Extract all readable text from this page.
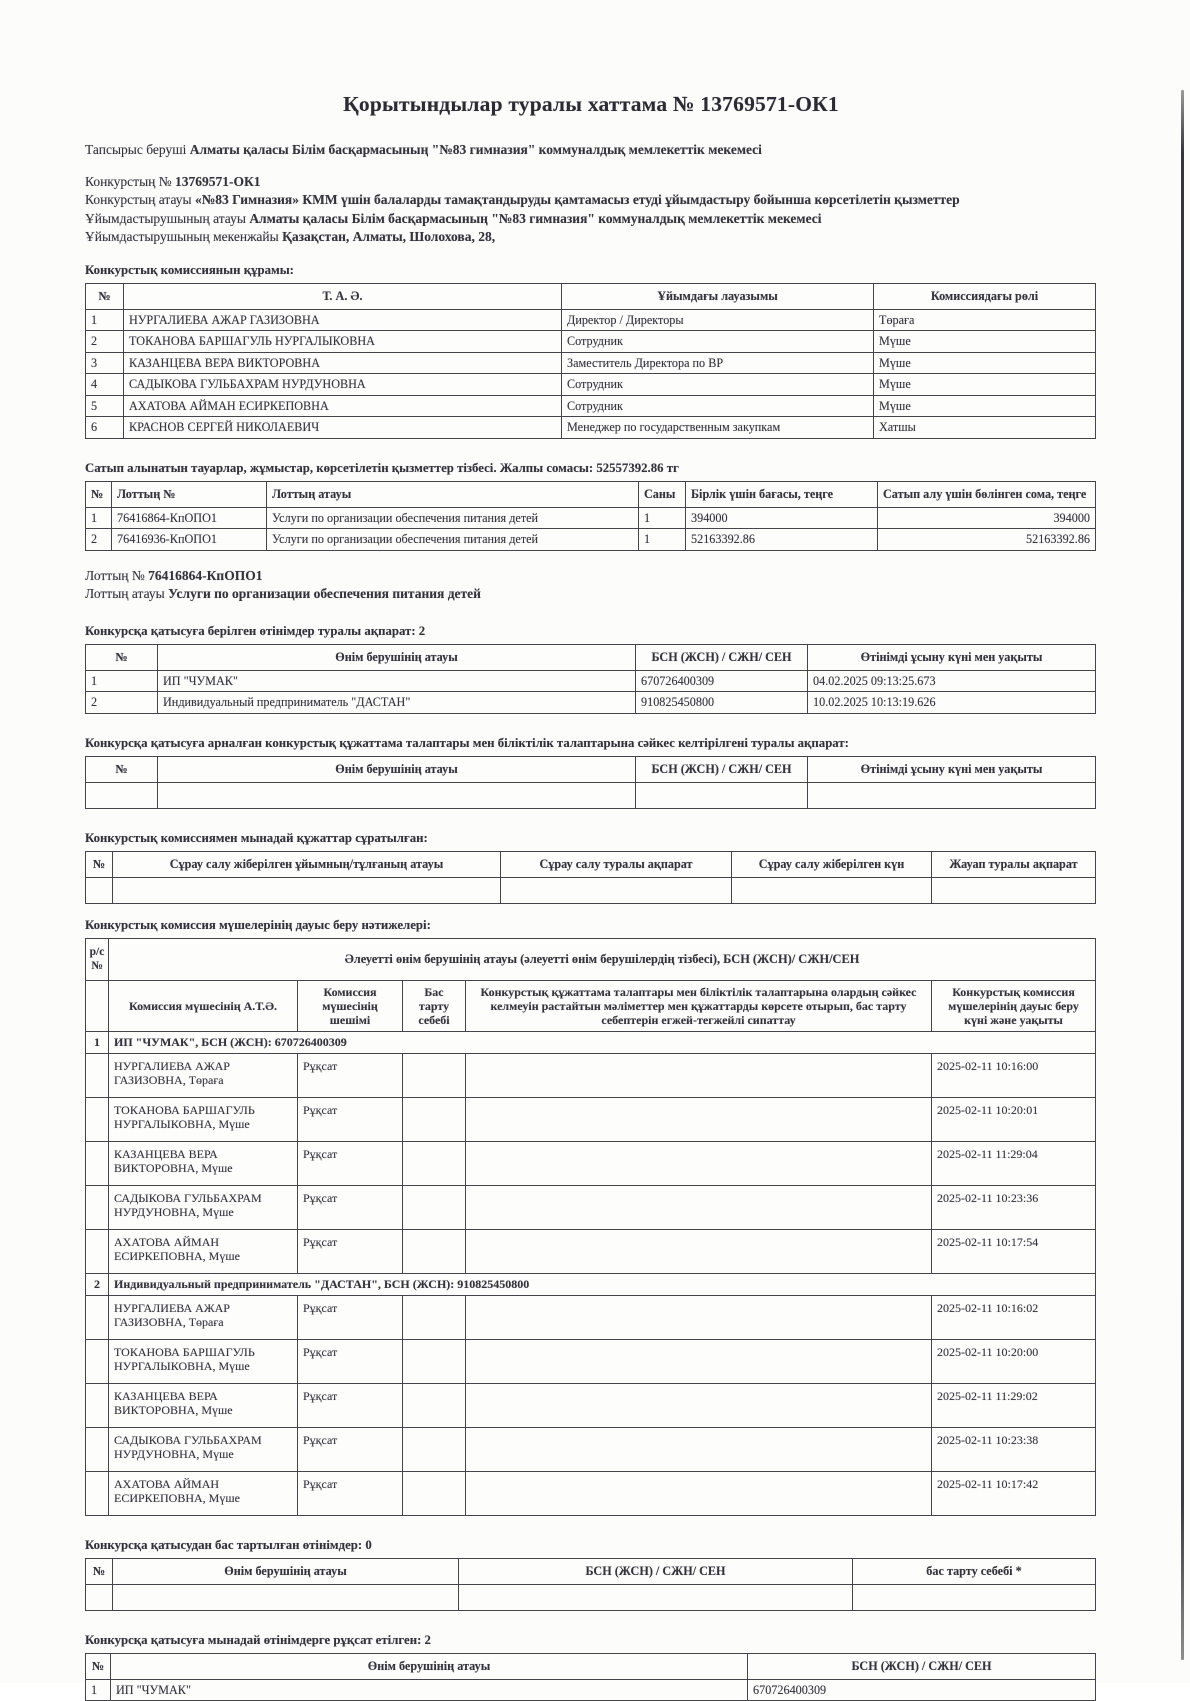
Қорытындылар туралы хаттама № 13769571-ОК1
Тапсырыс беруші Алматы қаласы Білім басқармасының "№83 гимназия" коммуналдық мемлекеттік мекемесі
Конкурстың № 13769571-ОК1
Конкурстың атауы «№83 Гимназия» КММ үшін балаларды тамақтандыруды қамтамасыз етуді ұйымдастыру бойынша көрсетілетін қызметтер
Ұйымдастырушының атауы Алматы қаласы Білім басқармасының "№83 гимназия" коммуналдық мемлекеттік мекемесі
Ұйымдастырушының мекенжайы Қазақстан, Алматы, Шолохова, 28,
Конкурстық комиссиянын құрамы:
№	Т. А. Ә.	Ұйымдағы лауазымы	Комиссиядағы рөлі
1	НУРГАЛИЕВА АЖАР ГАЗИЗОВНА	Директор / Директоры	Төраға
2	ТОКАНОВА БАРШАГУЛЬ НУРГАЛЫКОВНА	Сотрудник	Мүше
3	КАЗАНЦЕВА ВЕРА ВИКТОРОВНА	Заместитель Директора по ВР	Мүше
4	САДЫКОВА ГУЛЬБАХРАМ НУРДУНОВНА	Сотрудник	Мүше
5	АХАТОВА АЙМАН ЕСИРКЕПОВНА	Сотрудник	Мүше
6	КРАСНОВ СЕРГЕЙ НИКОЛАЕВИЧ	Менеджер по государственным закупкам	Хатшы
Сатып алынатын тауарлар, жұмыстар, көрсетілетін қызметтер тізбесі. Жалпы сомасы: 52557392.86 тг
№	Лоттың №	Лоттың атауы	Саны	Бірлік үшін бағасы, теңге	Сатып алу үшін бөлінген сома, теңге
1	76416864-КпОПО1	Услуги по организации обеспечения питания детей	1	394000	394000
2	76416936-КпОПО1	Услуги по организации обеспечения питания детей	1	52163392.86	52163392.86
Лоттың № 76416864-КпОПО1
Лоттың атауы Услуги по организации обеспечения питания детей
Конкурсқа қатысуға берілген өтінімдер туралы ақпарат: 2
№	Өнім берушінің атауы	БСН (ЖСН) / СЖН/ СЕН	Өтінімді ұсыну күні мен уақыты
1	ИП "ЧУМАК"	670726400309	04.02.2025 09:13:25.673
2	Индивидуальный предприниматель "ДАСТАН"	910825450800	10.02.2025 10:13:19.626
Конкурсқа қатысуға арналған конкурстық құжаттама талаптары мен біліктілік талаптарына сәйкес келтірілгені туралы ақпарат:
№	Өнім берушінің атауы	БСН (ЖСН) / СЖН/ СЕН	Өтінімді ұсыну күні мен уақыты

Конкурстық комиссиямен мынадай құжаттар сұратылған:
№	Сұрау салу жіберілген ұйымның/тұлғаның атауы	Сұрау салу туралы ақпарат	Сұрау салу жіберілген күн	Жауап туралы ақпарат

Конкурстық комиссия мүшелерінің дауыс беру нәтижелері:
р/с №	Әлеуетті өнім берушінің атауы (әлеуетті өнім берушілердің тізбесі), БСН (ЖСН)/ СЖН/СЕН				
	Комиссия мүшесінің А.Т.Ә.	Комиссия мүшесінің шешімі	Бас тарту себебі	Конкурстық құжаттама талаптары мен біліктілік талаптарына олардың сәйкес келмеуін растайтын мәліметтер мен құжаттарды көрсете отырып, бас тарту себептерін егжей-тегжейлі сипаттау	Конкурстық комиссия мүшелерінің дауыс беру күні және уақыты
1	ИП "ЧУМАК", БСН (ЖСН): 670726400309				
	НУРГАЛИЕВА АЖАР ГАЗИЗОВНА, Төраға	Рұқсат			2025-02-11 10:16:00
	ТОКАНОВА БАРШАГУЛЬ НУРГАЛЫКОВНА, Мүше	Рұқсат			2025-02-11 10:20:01
	КАЗАНЦЕВА ВЕРА ВИКТОРОВНА, Мүше	Рұқсат			2025-02-11 11:29:04
	САДЫКОВА ГУЛЬБАХРАМ НУРДУНОВНА, Мүше	Рұқсат			2025-02-11 10:23:36
	АХАТОВА АЙМАН ЕСИРКЕПОВНА, Мүше	Рұқсат			2025-02-11 10:17:54
2	Индивидуальный предприниматель "ДАСТАН", БСН (ЖСН): 910825450800				
	НУРГАЛИЕВА АЖАР ГАЗИЗОВНА, Төраға	Рұқсат			2025-02-11 10:16:02
	ТОКАНОВА БАРШАГУЛЬ НУРГАЛЫКОВНА, Мүше	Рұқсат			2025-02-11 10:20:00
	КАЗАНЦЕВА ВЕРА ВИКТОРОВНА, Мүше	Рұқсат			2025-02-11 11:29:02
	САДЫКОВА ГУЛЬБАХРАМ НУРДУНОВНА, Мүше	Рұқсат			2025-02-11 10:23:38
	АХАТОВА АЙМАН ЕСИРКЕПОВНА, Мүше	Рұқсат			2025-02-11 10:17:42
Конкурсқа қатысудан бас тартылған өтінімдер: 0
№	Өнім берушінің атауы	БСН (ЖСН) / СЖН/ СЕН	бас тарту себебі *

Конкурсқа қатысуға мынадай өтінімдерге рұқсат етілген: 2
№	Өнім берушінің атауы	БСН (ЖСН) / СЖН/ СЕН
1	ИП "ЧУМАК"	670726400309
